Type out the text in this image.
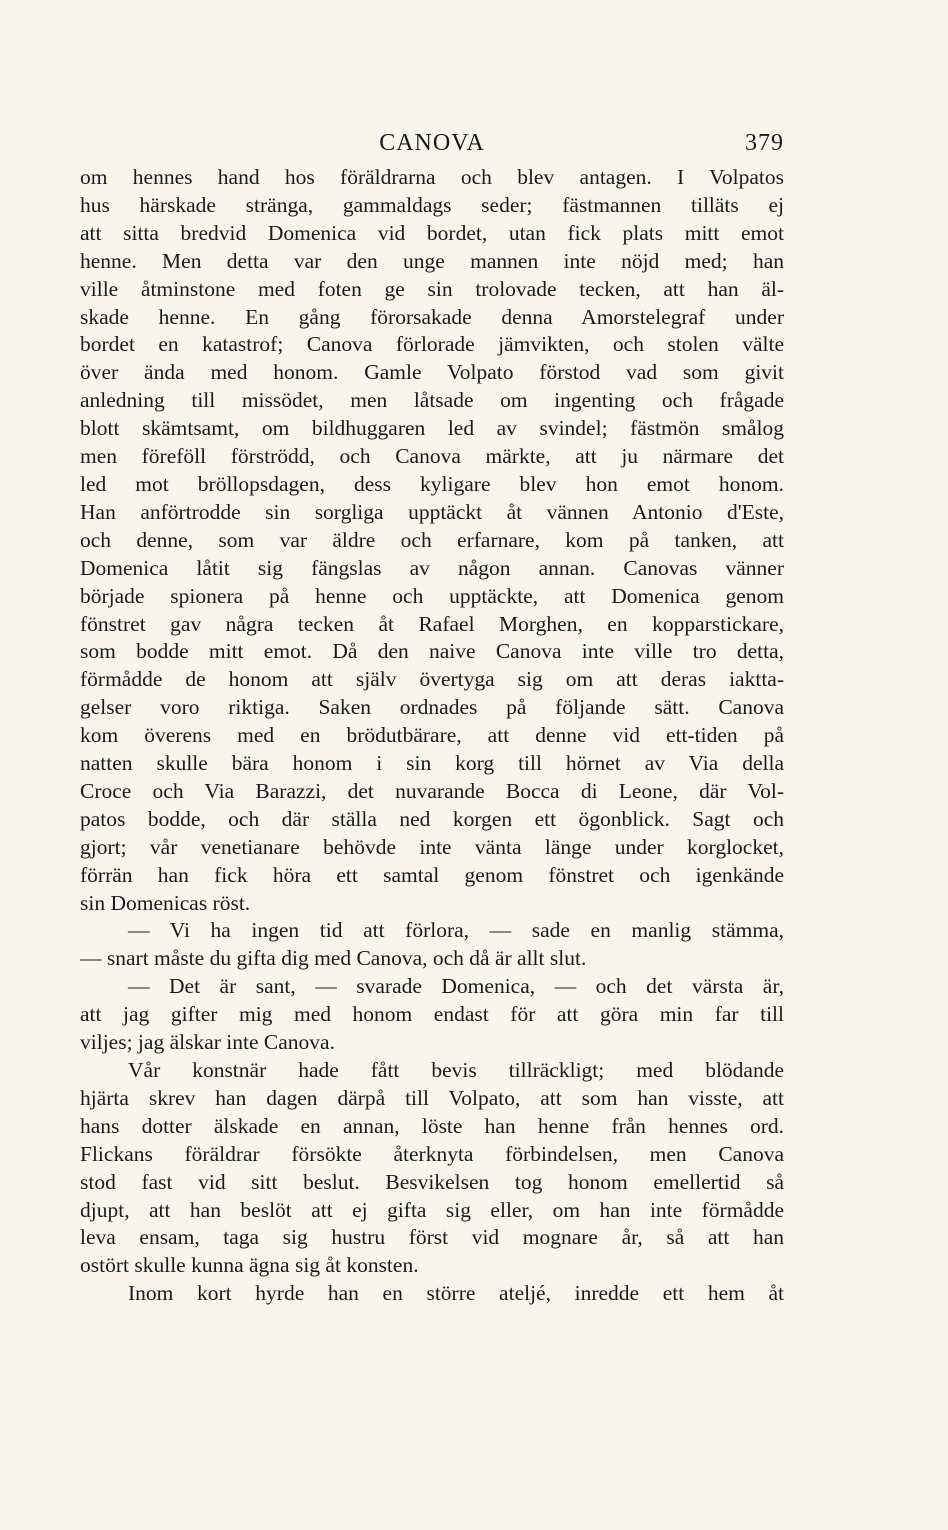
CANOVA	379
om hennes hand hos föräldrarna och blev antagen. I Volpatos
hus härskade stränga, gammaldags seder; fästmannen tilläts ej
att sitta bredvid Domenica vid bordet, utan fick plats mitt emot
henne. Men detta var den unge mannen inte nöjd med; han
ville åtminstone med foten ge sin trolovade tecken, att han äl-
skade henne. En gång förorsakade denna Amorstelegraf under
bordet en katastrof; Canova förlorade jämvikten, och stolen välte
över ända med honom. Gamle Volpato förstod vad som givit
anledning till missödet, men låtsade om ingenting och frågade
blott skämtsamt, om bildhuggaren led av svindel; fästmön smålog
men föreföll förströdd, och Canova märkte, att ju närmare det
led mot bröllopsdagen, dess kyligare blev hon emot honom.
Han anförtrodde sin sorgliga upptäckt åt vännen Antonio d'Este,
och denne, som var äldre och erfarnare, kom på tanken, att
Domenica låtit sig fängslas av någon annan. Canovas vänner
började spionera på henne och upptäckte, att Domenica genom
fönstret gav några tecken åt Rafael Morghen, en kopparstickare,
som bodde mitt emot. Då den naive Canova inte ville tro detta,
förmådde de honom att själv övertyga sig om att deras iaktta-
gelser voro riktiga. Saken ordnades på följande sätt. Canova
kom överens med en brödutbärare, att denne vid ett-tiden på
natten skulle bära honom i sin korg till hörnet av Via della
Croce och Via Barazzi, det nuvarande Bocca di Leone, där Vol-
patos bodde, och där ställa ned korgen ett ögonblick. Sagt och
gjort; vår venetianare behövde inte vänta länge under korglocket,
förrän han fick höra ett samtal genom fönstret och igenkände
sin Domenicas röst.
— Vi ha ingen tid att förlora, — sade en manlig stämma,
— snart måste du gifta dig med Canova, och då är allt slut.
— Det är sant, — svarade Domenica, — och det värsta är,
att jag gifter mig med honom endast för att göra min far till
viljes; jag älskar inte Canova.
Vår konstnär hade fått bevis tillräckligt; med blödande
hjärta skrev han dagen därpå till Volpato, att som han visste, att
hans dotter älskade en annan, löste han henne från hennes ord.
Flickans föräldrar försökte återknyta förbindelsen, men Canova
stod fast vid sitt beslut. Besvikelsen tog honom emellertid så
djupt, att han beslöt att ej gifta sig eller, om han inte förmådde
leva ensam, taga sig hustru först vid mognare år, så att han
ostört skulle kunna ägna sig åt konsten.
Inom kort hyrde han en större ateljé, inredde ett hem åt
